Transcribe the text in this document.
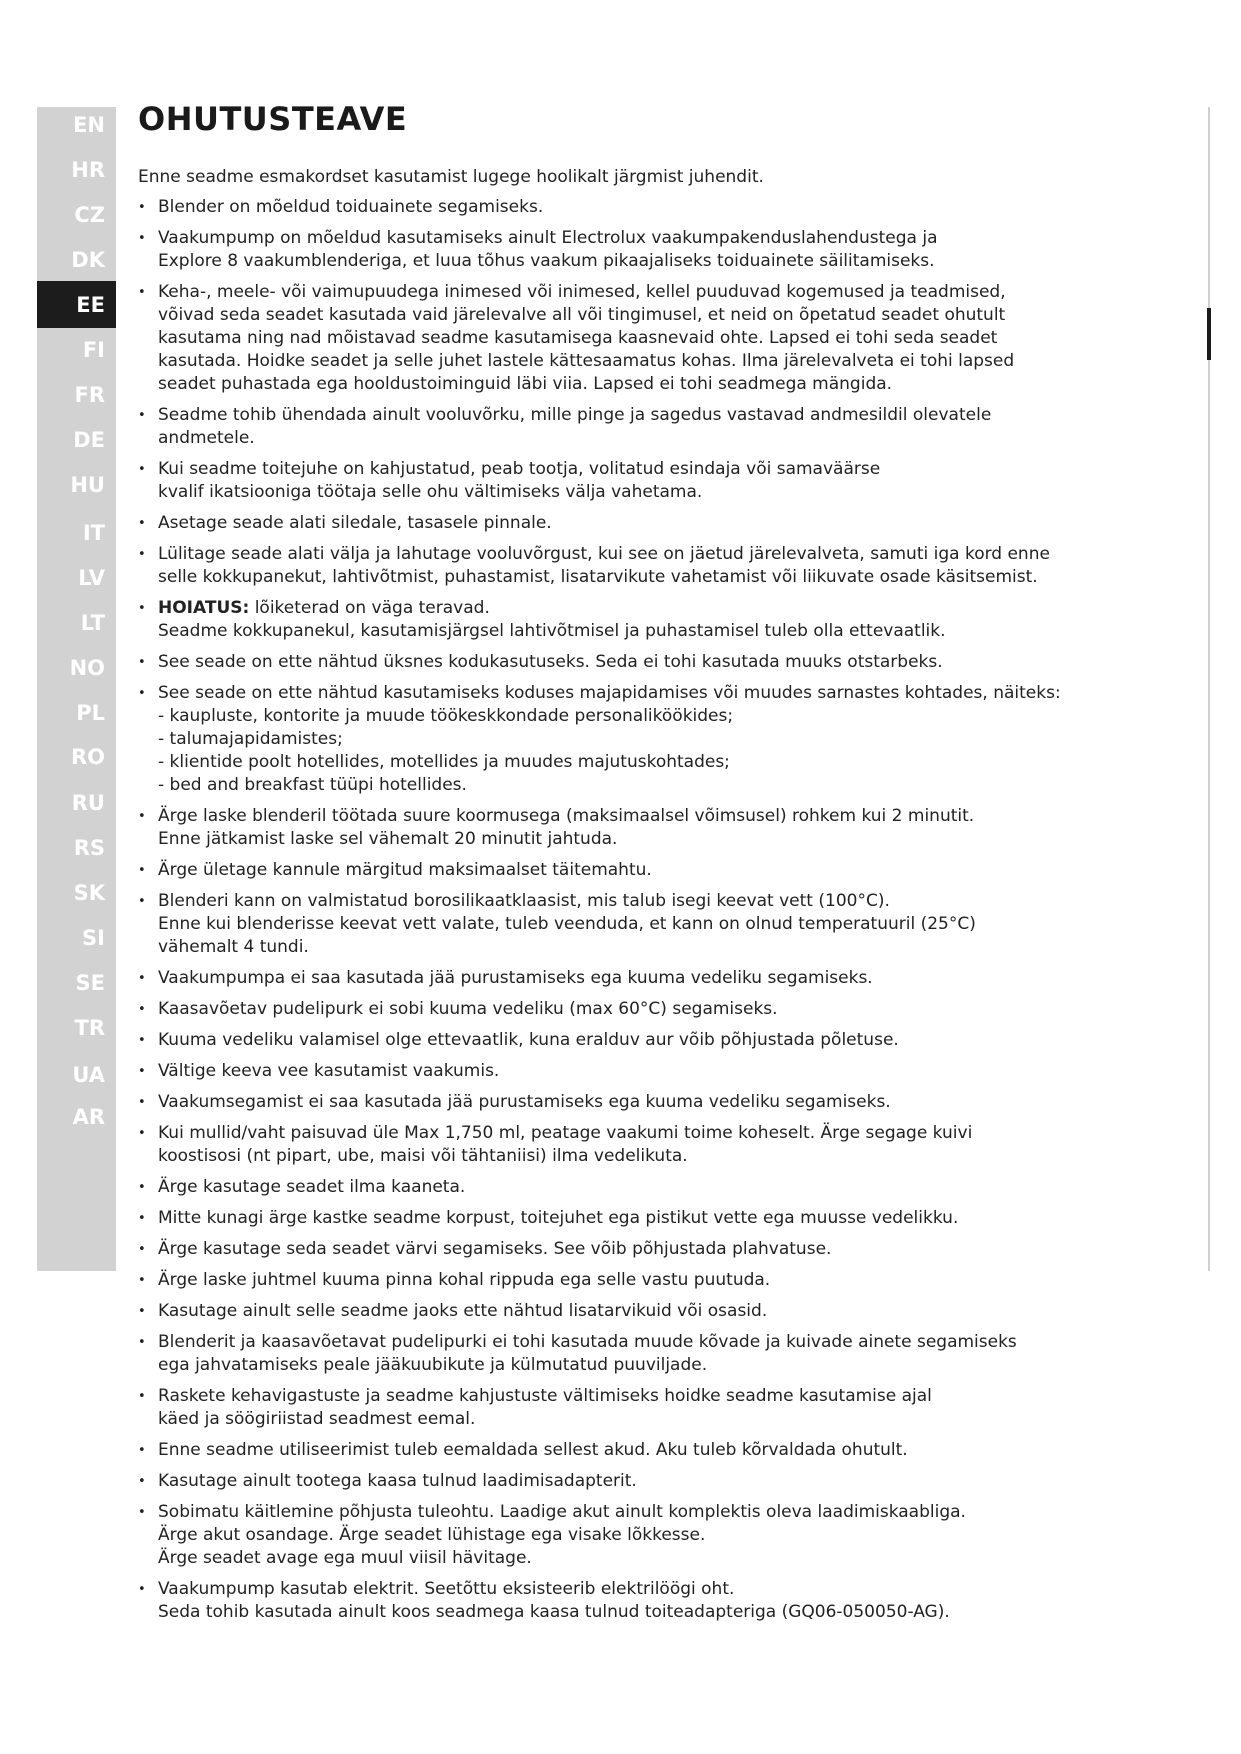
EN
HR
CZ
DK
EE
FI
FR
DE
HU
IT
LV
LT
NO
PL
RO
RU
RS
SK
SI
SE
TR
UA
AR
OHUTUSTEAVE

Enne seadme esmakordset kasutamist lugege hoolikalt järgmist juhendit.

• Blender on mõeldud toiduainete segamiseks.
• Vaakumpump on mõeldud kasutamiseks ainult Electrolux vaakumpakenduslahendustega ja
Explore 8 vaakumblenderiga, et luua tõhus vaakum pikaajaliseks toiduainete säilitamiseks.
• Keha-, meele- või vaimupuudega inimesed või inimesed, kellel puuduvad kogemused ja teadmised,
võivad seda seadet kasutada vaid järelevalve all või tingimusel, et neid on õpetatud seadet ohutult
kasutama ning nad mõistavad seadme kasutamisega kaasnevaid ohte. Lapsed ei tohi seda seadet
kasutada. Hoidke seadet ja selle juhet lastele kättesaamatus kohas. Ilma järelevalveta ei tohi lapsed
seadet puhastada ega hooldustoiminguid läbi viia. Lapsed ei tohi seadmega mängida.
• Seadme tohib ühendada ainult vooluvõrku, mille pinge ja sagedus vastavad andmesildil olevatele
andmetele.
• Kui seadme toitejuhe on kahjustatud, peab tootja, volitatud esindaja või samaväärse
kvalif ikatsiooniga töötaja selle ohu vältimiseks välja vahetama.
• Asetage seade alati siledale, tasasele pinnale.
• Lülitage seade alati välja ja lahutage vooluvõrgust, kui see on jäetud järelevalveta, samuti iga kord enne
selle kokkupanekut, lahtivõtmist, puhastamist, lisatarvikute vahetamist või liikuvate osade käsitsemist.
• HOIATUS: lõiketerad on väga teravad.
Seadme kokkupanekul, kasutamisjärgsel lahtivõtmisel ja puhastamisel tuleb olla ettevaatlik.
• See seade on ette nähtud üksnes kodukasutuseks. Seda ei tohi kasutada muuks otstarbeks.
• See seade on ette nähtud kasutamiseks koduses majapidamises või muudes sarnastes kohtades, näiteks:
- kaupluste, kontorite ja muude töökeskkondade personaliköökides;
- talumajapidamistes;
- klientide poolt hotellides, motellides ja muudes majutuskohtades;
- bed and breakfast tüüpi hotellides.
• Ärge laske blenderil töötada suure koormusega (maksimaalsel võimsusel) rohkem kui 2 minutit.
Enne jätkamist laske sel vähemalt 20 minutit jahtuda.
• Ärge ületage kannule märgitud maksimaalset täitemahtu.
• Blenderi kann on valmistatud borosilikaatklaasist, mis talub isegi keevat vett (100°C).
Enne kui blenderisse keevat vett valate, tuleb veenduda, et kann on olnud temperatuuril (25°C)
vähemalt 4 tundi.
• Vaakumpumpa ei saa kasutada jää purustamiseks ega kuuma vedeliku segamiseks.
• Kaasavõetav pudelipurk ei sobi kuuma vedeliku (max 60°C) segamiseks.
• Kuuma vedeliku valamisel olge ettevaatlik, kuna eralduv aur võib põhjustada põletuse.
• Vältige keeva vee kasutamist vaakumis.
• Vaakumsegamist ei saa kasutada jää purustamiseks ega kuuma vedeliku segamiseks.
• Kui mullid/vaht paisuvad üle Max 1,750 ml, peatage vaakumi toime koheselt. Ärge segage kuivi
koostisosi (nt pipart, ube, maisi või tähtaniisi) ilma vedelikuta.
• Ärge kasutage seadet ilma kaaneta.
• Mitte kunagi ärge kastke seadme korpust, toitejuhet ega pistikut vette ega muusse vedelikku.
• Ärge kasutage seda seadet värvi segamiseks. See võib põhjustada plahvatuse.
• Ärge laske juhtmel kuuma pinna kohal rippuda ega selle vastu puutuda.
• Kasutage ainult selle seadme jaoks ette nähtud lisatarvikuid või osasid.
• Blenderit ja kaasavõetavat pudelipurki ei tohi kasutada muude kõvade ja kuivade ainete segamiseks
ega jahvatamiseks peale jääkuubikute ja külmutatud puuviljade.
• Raskete kehavigastuste ja seadme kahjustuste vältimiseks hoidke seadme kasutamise ajal
käed ja söögiriistad seadmest eemal.
• Enne seadme utiliseerimist tuleb eemaldada sellest akud. Aku tuleb kõrvaldada ohutult.
• Kasutage ainult tootega kaasa tulnud laadimisadapterit.
• Sobimatu käitlemine põhjusta tuleohtu. Laadige akut ainult komplektis oleva laadimiskaabliga.
Ärge akut osandage. Ärge seadet lühistage ega visake lõkkesse.
Ärge seadet avage ega muul viisil hävitage.
• Vaakumpump kasutab elektrit. Seetõttu eksisteerib elektrilöögi oht.
Seda tohib kasutada ainult koos seadmega kaasa tulnud toiteadapteriga (GQ06-050050-AG).
